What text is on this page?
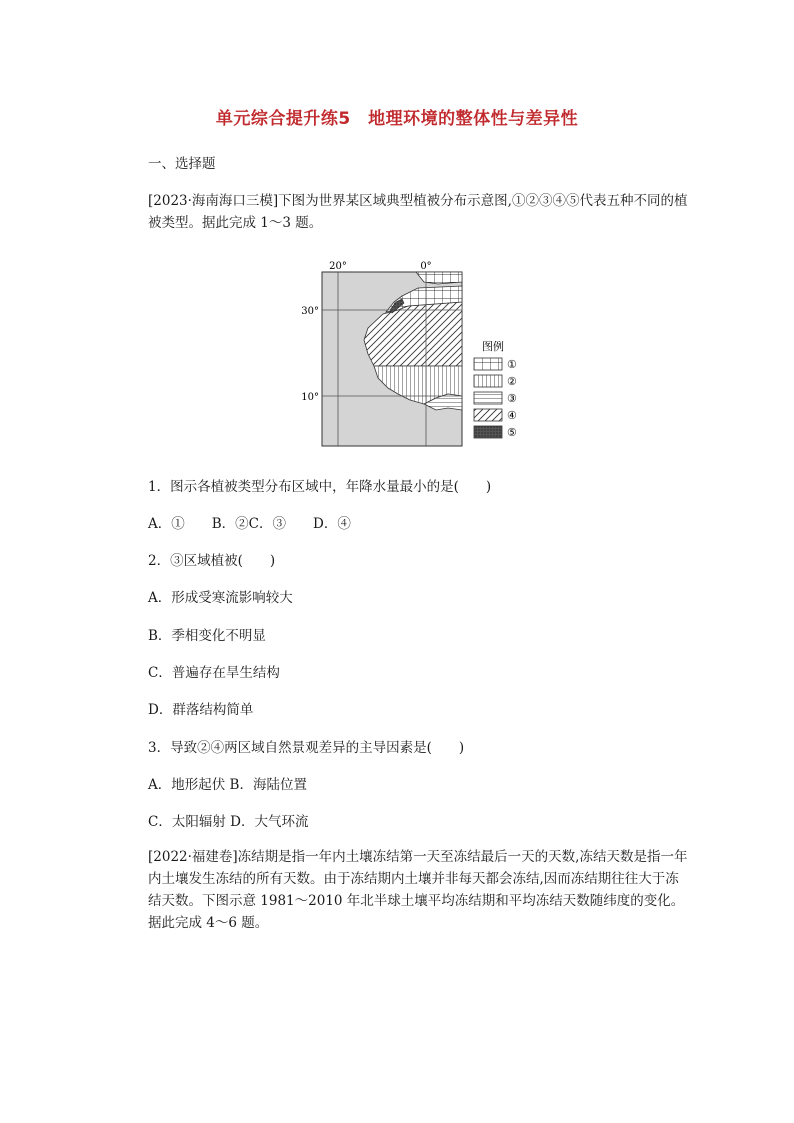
单元综合提升练5　地理环境的整体性与差异性
一、选择题
[2023·海南海口三模]下图为世界某区域典型植被分布示意图,①②③④⑤代表五种不同的植被类型。据此完成 1～3 题。
20°	0°
30°
10°
图例
①
②
③
④
⑤
1．图示各植被类型分布区域中，年降水量最小的是(　　)
A．①　　B．②C．③　　D．④
2．③区域植被(　　)
A．形成受寒流影响较大
B．季相变化不明显
C．普遍存在旱生结构
D．群落结构简单
3．导致②④两区域自然景观差异的主导因素是(　　)
A．地形起伏 B．海陆位置
C．太阳辐射 D．大气环流
[2022·福建卷]冻结期是指一年内土壤冻结第一天至冻结最后一天的天数,冻结天数是指一年内土壤发生冻结的所有天数。由于冻结期内土壤并非每天都会冻结,因而冻结期往往大于冻结天数。下图示意 1981～2010 年北半球土壤平均冻结期和平均冻结天数随纬度的变化。据此完成 4～6 题。
